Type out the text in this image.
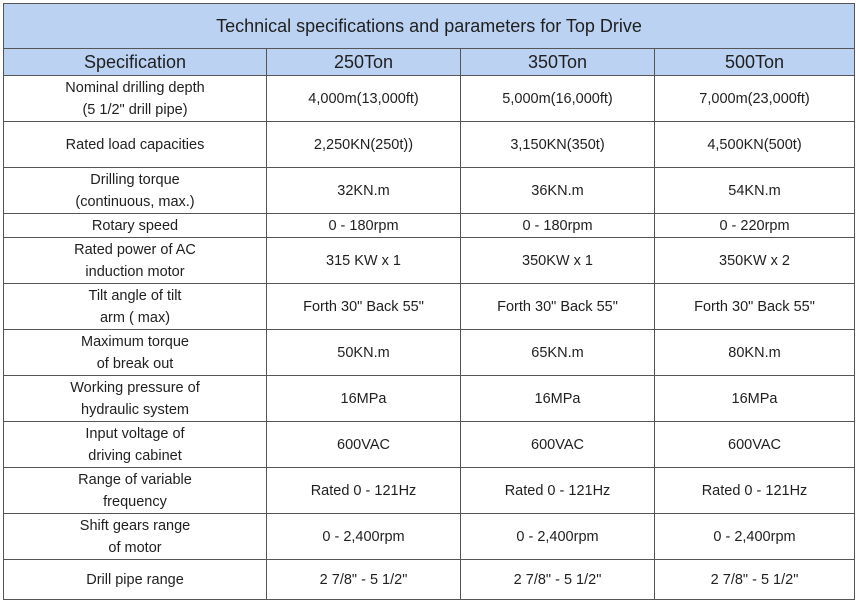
Technical specifications and parameters for Top Drive			
Specification	250Ton	350Ton	500Ton

Nominal drilling depth
(5 1/2" drill pipe)	4,000m(13,000ft)	5,000m(16,000ft)	7,000m(23,000ft)

Rated load capacities	2,250KN(250t))	3,150KN(350t)	4,500KN(500t)

Drilling torque
(continuous, max.)	32KN.m	36KN.m	54KN.m

Rotary speed	0 - 180rpm	0 - 180rpm	0 - 220rpm

Rated power of AC
induction motor	315 KW x 1	350KW x 1	350KW x 2

Tilt angle of tilt
arm ( max)	Forth 30" Back 55"	Forth 30" Back 55"	Forth 30" Back 55"

Maximum torque
of break out	50KN.m	65KN.m	80KN.m

Working pressure of
hydraulic system	16MPa	16MPa	16MPa

Input voltage of
driving cabinet	600VAC	600VAC	600VAC

Range of variable
frequency	Rated 0 - 121Hz	Rated 0 - 121Hz	Rated 0 - 121Hz

Shift gears range
of motor	0 - 2,400rpm	0 - 2,400rpm	0 - 2,400rpm

Drill pipe range	2 7/8" - 5 1/2"	2 7/8" - 5 1/2"	2 7/8" - 5 1/2"
